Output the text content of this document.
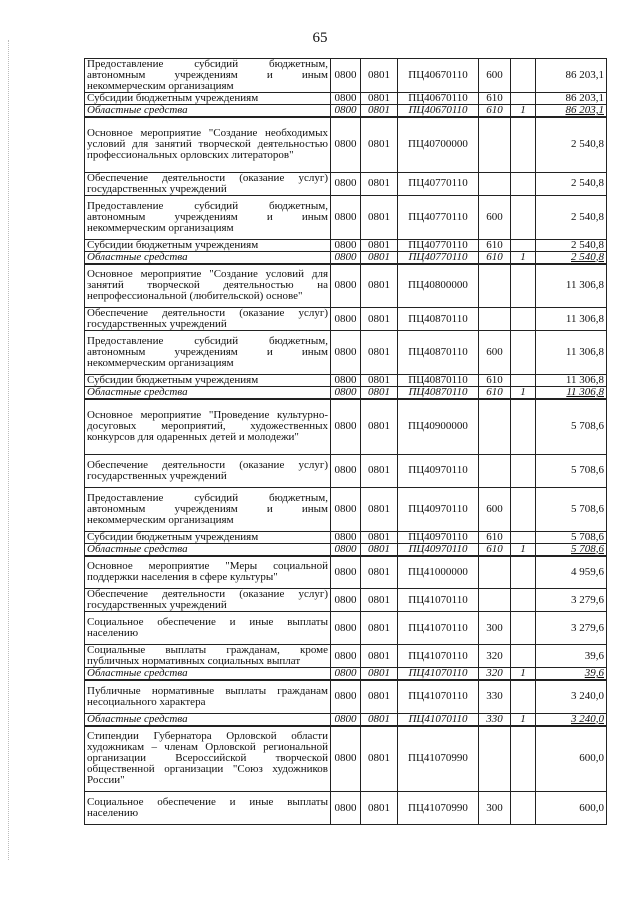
65
Предоставление субсидий бюджетным, автономным учреждениям и иным некоммерческим организациям	0800	0801	ПЦ40670110	600		86 203,1
Субсидии бюджетным учреждениям	0800	0801	ПЦ40670110	610		86 203,1
Областные средства	0800	0801	ПЦ40670110	610	1	86 203,1
Основное мероприятие "Создание необходимых условий для занятий творческой деятельностью профессиональных орловских литераторов"	0800	0801	ПЦ40700000			2 540,8
Обеспечение деятельности (оказание услуг) государственных учреждений	0800	0801	ПЦ40770110			2 540,8
Предоставление субсидий бюджетным, автономным учреждениям и иным некоммерческим организациям	0800	0801	ПЦ40770110	600		2 540,8
Субсидии бюджетным учреждениям	0800	0801	ПЦ40770110	610		2 540,8
Областные средства	0800	0801	ПЦ40770110	610	1	2 540,8
Основное мероприятие "Создание условий для занятий творческой деятельностью на непрофессиональной (любительской) основе"	0800	0801	ПЦ40800000			11 306,8
Обеспечение деятельности (оказание услуг) государственных учреждений	0800	0801	ПЦ40870110			11 306,8
Предоставление субсидий бюджетным, автономным учреждениям и иным некоммерческим организациям	0800	0801	ПЦ40870110	600		11 306,8
Субсидии бюджетным учреждениям	0800	0801	ПЦ40870110	610		11 306,8
Областные средства	0800	0801	ПЦ40870110	610	1	11 306,8
Основное мероприятие "Проведение культурно-досуговых мероприятий, художественных конкурсов для одаренных детей и молодежи"	0800	0801	ПЦ40900000			5 708,6
Обеспечение деятельности (оказание услуг) государственных учреждений	0800	0801	ПЦ40970110			5 708,6
Предоставление субсидий бюджетным, автономным учреждениям и иным некоммерческим организациям	0800	0801	ПЦ40970110	600		5 708,6
Субсидии бюджетным учреждениям	0800	0801	ПЦ40970110	610		5 708,6
Областные средства	0800	0801	ПЦ40970110	610	1	5 708,6
Основное мероприятие "Меры социальной поддержки населения в сфере культуры"	0800	0801	ПЦ41000000			4 959,6
Обеспечение деятельности (оказание услуг) государственных учреждений	0800	0801	ПЦ41070110			3 279,6
Социальное обеспечение и иные выплаты населению	0800	0801	ПЦ41070110	300		3 279,6
Социальные выплаты гражданам, кроме публичных нормативных социальных выплат	0800	0801	ПЦ41070110	320		39,6
Областные средства	0800	0801	ПЦ41070110	320	1	39,6
Публичные нормативные выплаты гражданам несоциального характера	0800	0801	ПЦ41070110	330		3 240,0
Областные средства	0800	0801	ПЦ41070110	330	1	3 240,0
Стипендии Губернатора Орловской области художникам – членам Орловской региональной организации Всероссийской творческой общественной организации "Союз художников России"	0800	0801	ПЦ41070990			600,0
Социальное обеспечение и иные выплаты населению	0800	0801	ПЦ41070990	300		600,0
